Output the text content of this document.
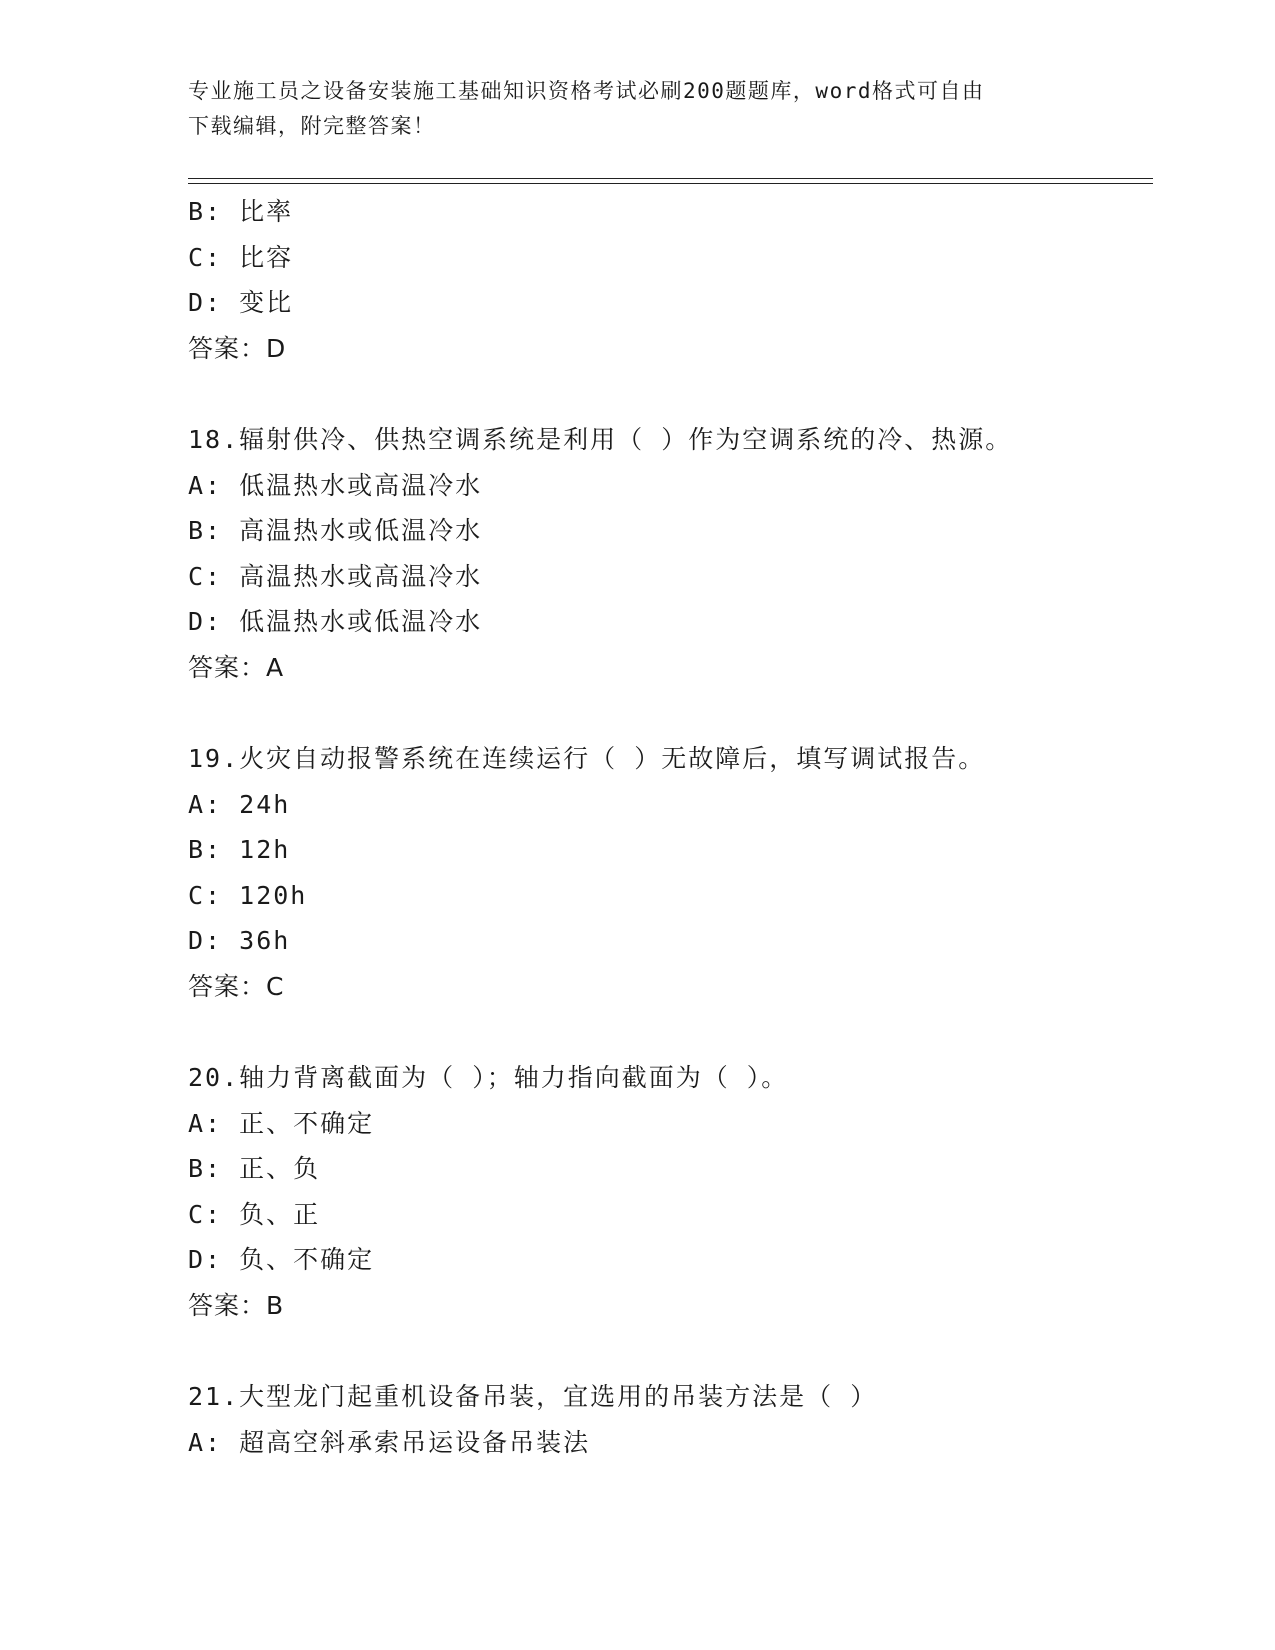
专业施工员之设备安装施工基础知识资格考试必刷200题题库，word格式可自由
下载编辑，附完整答案！
B: 比率
C: 比容
D: 变比
答案：D
18.辐射供冷、供热空调系统是利用（ ）作为空调系统的冷、热源。
A: 低温热水或高温冷水
B: 高温热水或低温冷水
C: 高温热水或高温冷水
D: 低温热水或低温冷水
答案：A
19.火灾自动报警系统在连续运行（ ）无故障后，填写调试报告。
A: 24h
B: 12h
C: 120h
D: 36h
答案：C
20.轴力背离截面为（ ）；轴力指向截面为（ ）。
A: 正、不确定
B: 正、负
C: 负、正
D: 负、不确定
答案：B
21.大型龙门起重机设备吊装，宜选用的吊装方法是（ ）
A: 超高空斜承索吊运设备吊装法
